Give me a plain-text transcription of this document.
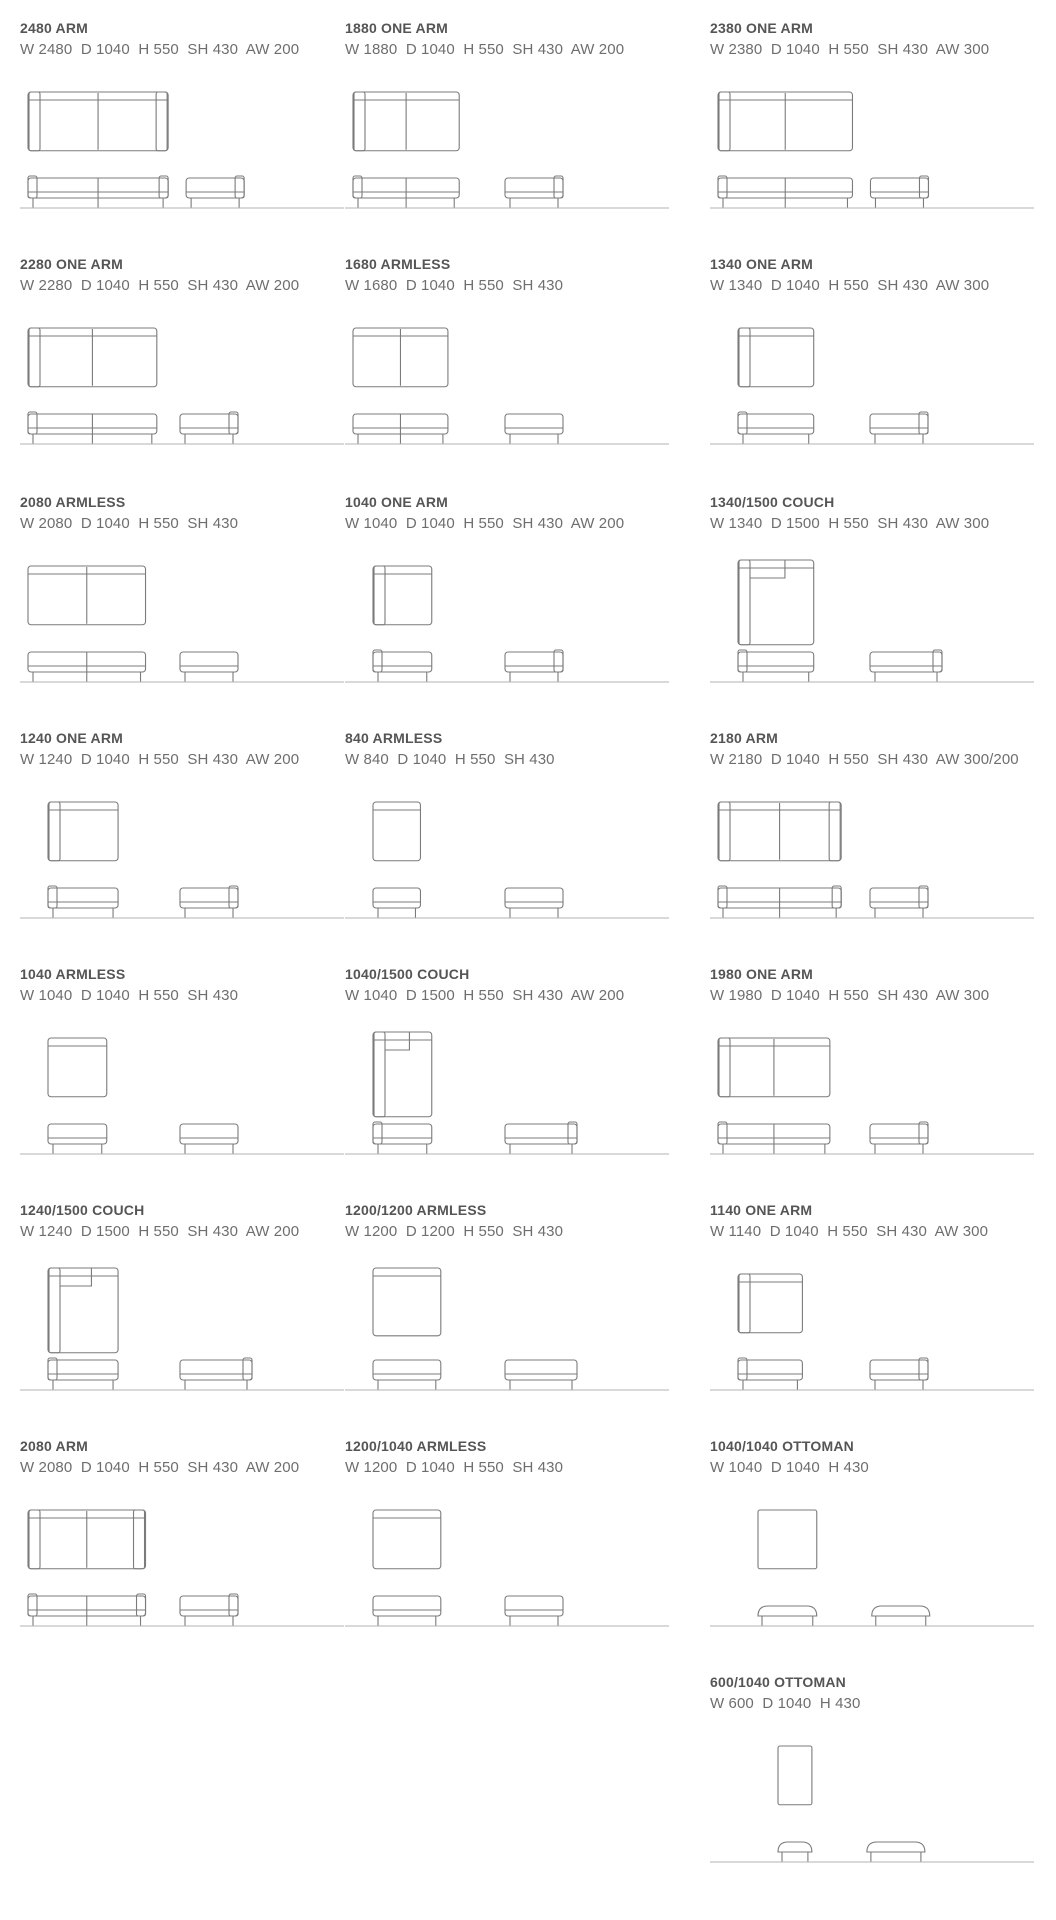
2480 ARM
W 2480  D 1040  H 550  SH 430  AW 200
1880 ONE ARM
W 1880  D 1040  H 550  SH 430  AW 200
2380 ONE ARM
W 2380  D 1040  H 550  SH 430  AW 300
2280 ONE ARM
W 2280  D 1040  H 550  SH 430  AW 200
1680 ARMLESS
W 1680  D 1040  H 550  SH 430
1340 ONE ARM
W 1340  D 1040  H 550  SH 430  AW 300
2080 ARMLESS
W 2080  D 1040  H 550  SH 430
1040 ONE ARM
W 1040  D 1040  H 550  SH 430  AW 200
1340/1500 COUCH
W 1340  D 1500  H 550  SH 430  AW 300
1240 ONE ARM
W 1240  D 1040  H 550  SH 430  AW 200
840 ARMLESS
W 840  D 1040  H 550  SH 430
2180 ARM
W 2180  D 1040  H 550  SH 430  AW 300/200
1040 ARMLESS
W 1040  D 1040  H 550  SH 430
1040/1500 COUCH
W 1040  D 1500  H 550  SH 430  AW 200
1980 ONE ARM
W 1980  D 1040  H 550  SH 430  AW 300
1240/1500 COUCH
W 1240  D 1500  H 550  SH 430  AW 200
1200/1200 ARMLESS
W 1200  D 1200  H 550  SH 430
1140 ONE ARM
W 1140  D 1040  H 550  SH 430  AW 300
2080 ARM
W 2080  D 1040  H 550  SH 430  AW 200
1200/1040 ARMLESS
W 1200  D 1040  H 550  SH 430
1040/1040 OTTOMAN
W 1040  D 1040  H 430
600/1040 OTTOMAN
W 600  D 1040  H 430
